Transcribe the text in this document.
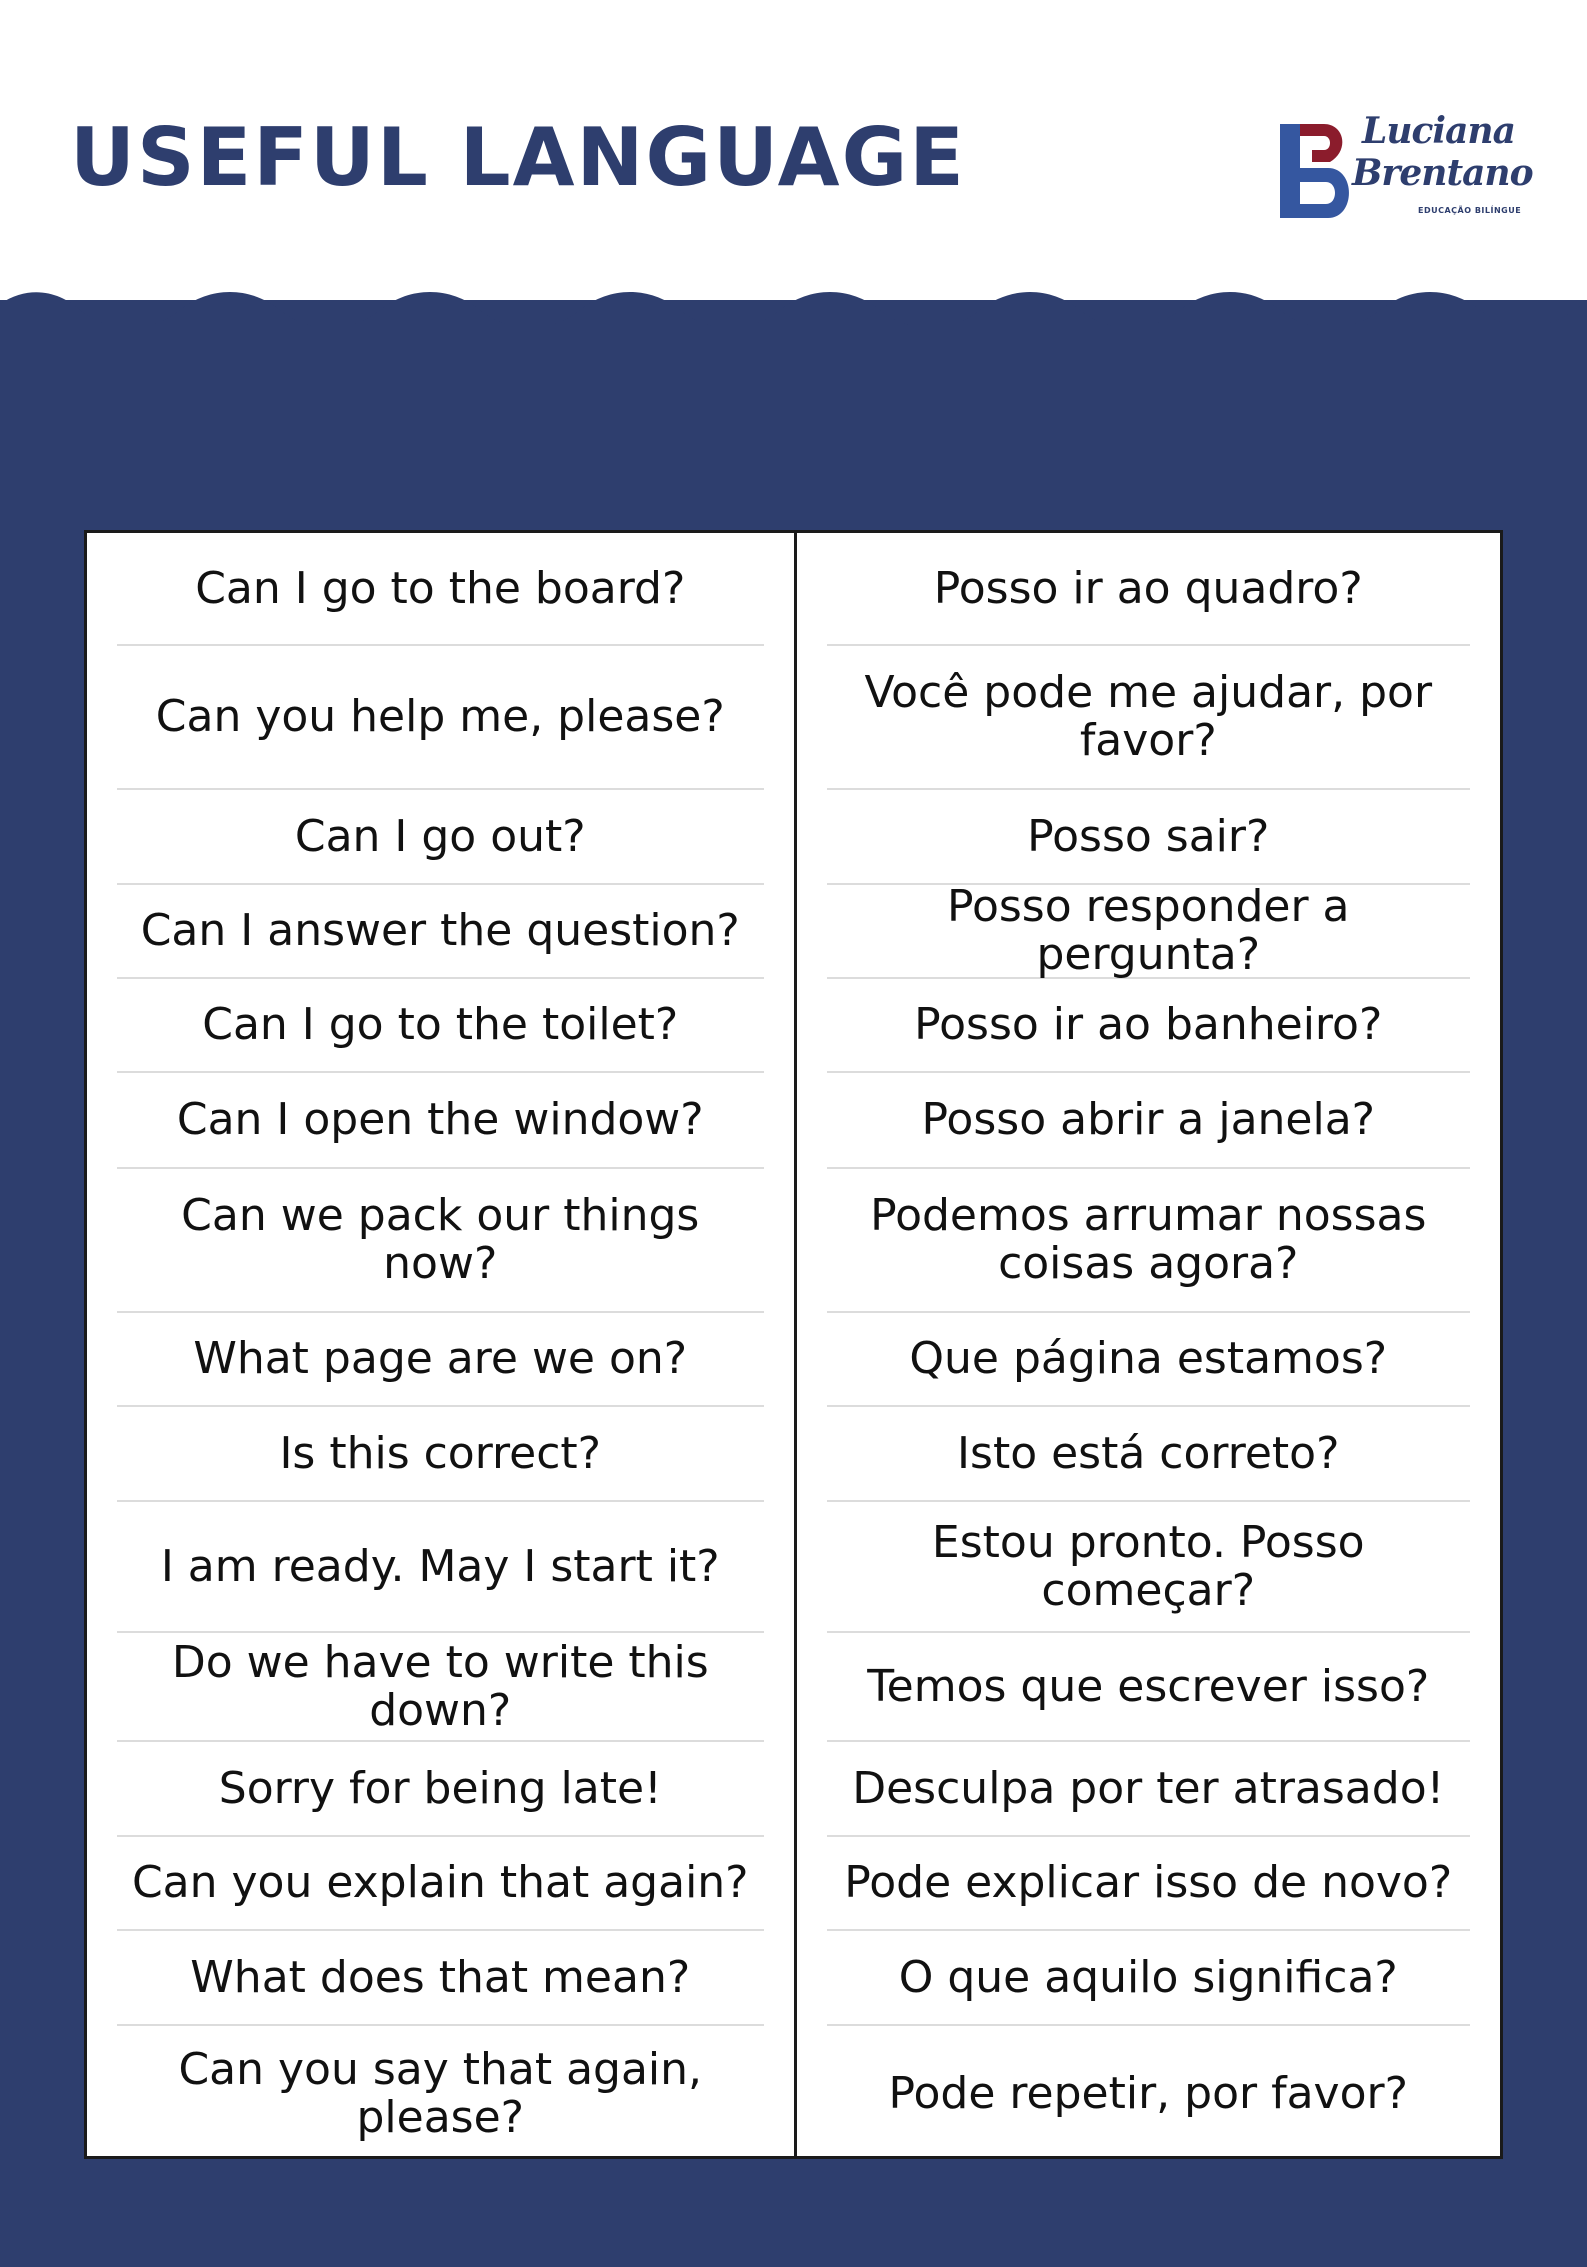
USEFUL LANGUAGE	Luciana
Brentano
EDUCAÇÃO BILÍNGUE
Can I go to the board?
Can you help me, please?
Can I go out?
Can I answer the question?
Can I go to the toilet?
Can I open the window?
Can we pack our things now?
What page are we on?
Is this correct?
I am ready. May I start it?
Do we have to write this down?
Sorry for being late!
Can you explain that again?
What does that mean?
Can you say that again, please?
Posso ir ao quadro?
Você pode me ajudar, por favor?
Posso sair?
Posso responder a pergunta?
Posso ir ao banheiro?
Posso abrir a janela?
Podemos arrumar nossas coisas agora?
Que página estamos?
Isto está correto?
Estou pronto. Posso começar?
Temos que escrever isso?
Desculpa por ter atrasado!
Pode explicar isso de novo?
O que aquilo significa?
Pode repetir, por favor?
